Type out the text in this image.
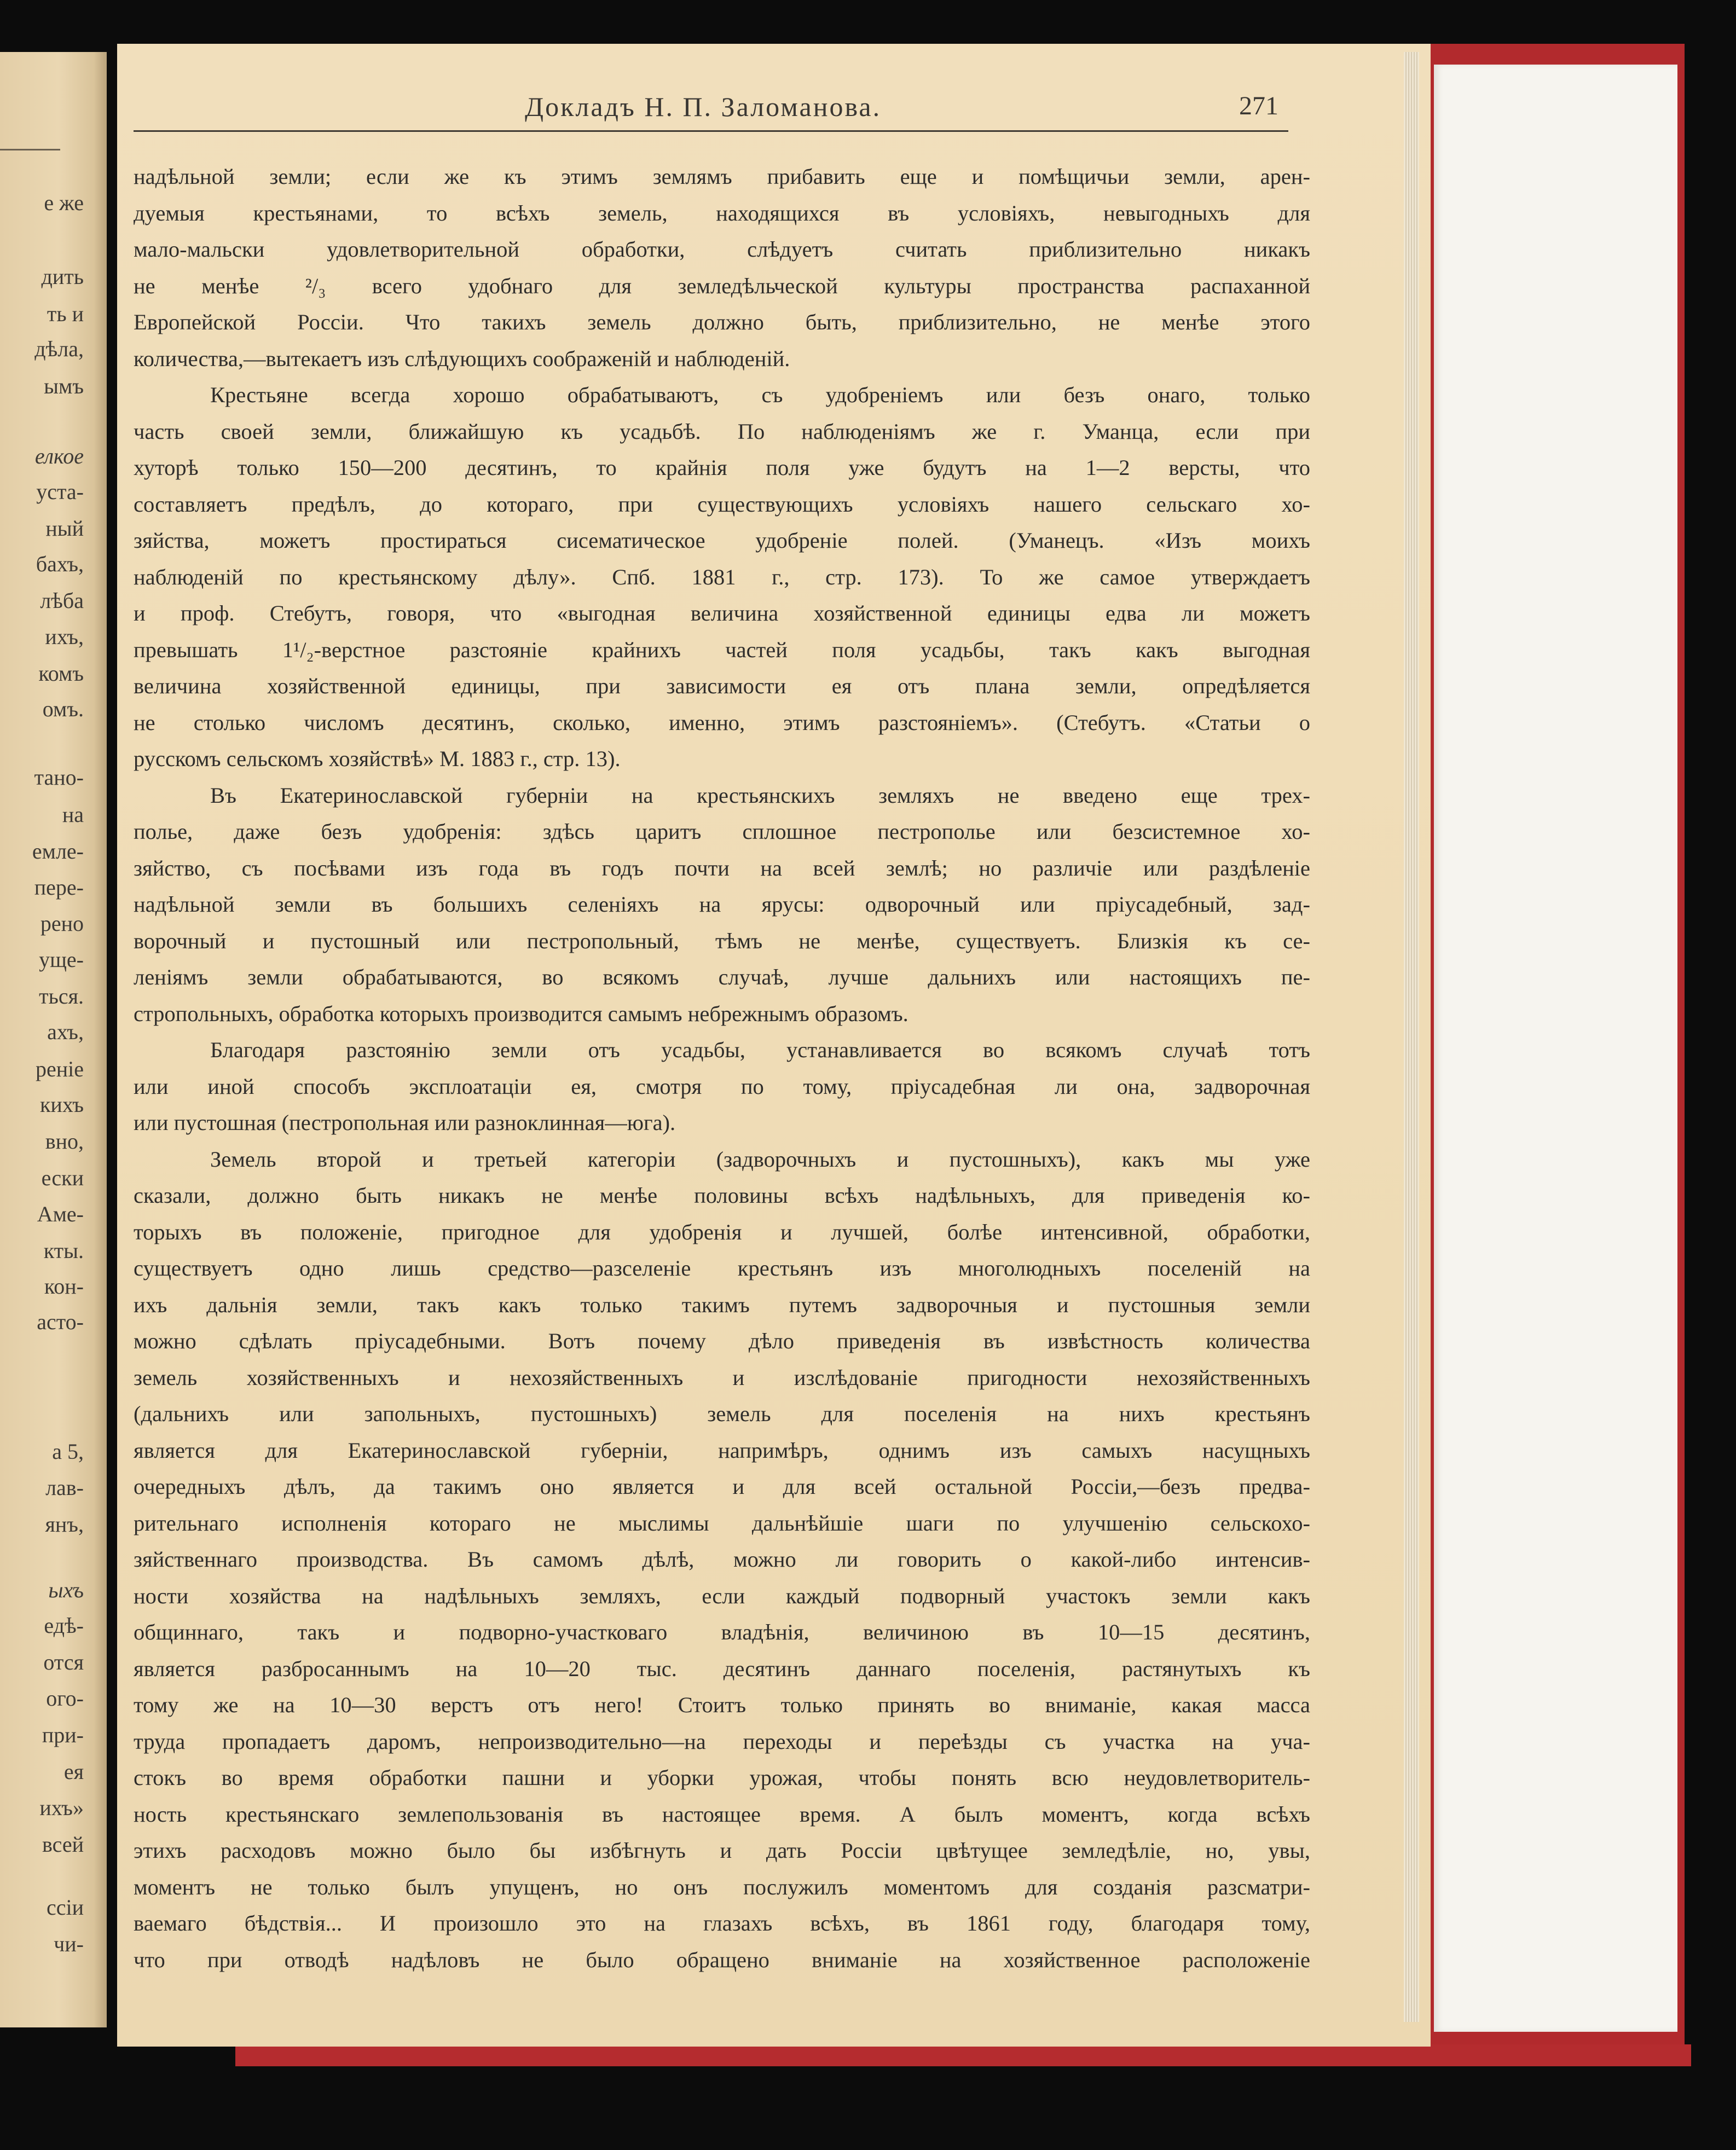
е же
дить
ть и
дѣла,
ымъ
елкое
уста-
ный
бахъ,
лѣба
ихъ,
комъ
омъ.
тано-
на
емле-
пере-
рено
уще-
ться.
ахъ,
реніе
кихъ
вно,
ески
Аме-
кты.
кон-
асто-
а 5,
лав-
янъ,
ыхъ
едѣ-
отся
ого-
при-
ея
ихъ»
всей
ссіи
чи-
Докладъ Н. П. Заломанова.	271
надѣльной земли; если же къ этимъ землямъ прибавить еще и помѣщичьи земли, арен-
дуемыя крестьянами, то всѣхъ земель, находящихся въ условіяхъ, невыгодныхъ для
мало-мальски удовлетворительной обработки, слѣдуетъ считать приблизительно никакъ
не менѣе ²/₃ всего удобнаго для земледѣльческой культуры пространства распаханной
Европейской Россіи. Что такихъ земель должно быть, приблизительно, не менѣе этого
количества,—вытекаетъ изъ слѣдующихъ соображеній и наблюденій.
Крестьяне всегда хорошо обрабатываютъ, съ удобреніемъ или безъ онаго, только
часть своей земли, ближайшую къ усадьбѣ. По наблюденіямъ же г. Уманца, если при
хуторѣ только 150—200 десятинъ, то крайнія поля уже будутъ на 1—2 версты, что
составляетъ предѣлъ, до котораго, при существующихъ условіяхъ нашего сельскаго хо-
зяйства, можетъ простираться сисематическое удобреніе полей. (Уманецъ. «Изъ моихъ
наблюденій по крестьянскому дѣлу». Спб. 1881 г., стр. 173). То же самое утверждаетъ
и проф. Стебутъ, говоря, что «выгодная величина хозяйственной единицы едва ли можетъ
превышать 1¹/₂-верстное разстояніе крайнихъ частей поля усадьбы, такъ какъ выгодная
величина хозяйственной единицы, при зависимости ея отъ плана земли, опредѣляется
не столько числомъ десятинъ, сколько, именно, этимъ разстояніемъ». (Стебутъ. «Статьи о
русскомъ сельскомъ хозяйствѣ» М. 1883 г., стр. 13).
Въ Екатеринославской губерніи на крестьянскихъ земляхъ не введено еще трех-
полье, даже безъ удобренія: здѣсь царитъ сплошное пестрополье или безсистемное хо-
зяйство, съ посѣвами изъ года въ годъ почти на всей землѣ; но различіе или раздѣленіе
надѣльной земли въ большихъ селеніяхъ на ярусы: одворочный или пріусадебный, зад-
ворочный и пустошный или пестропольный, тѣмъ не менѣе, существуетъ. Близкія къ се-
леніямъ земли обрабатываются, во всякомъ случаѣ, лучше дальнихъ или настоящихъ пе-
стропольныхъ, обработка которыхъ производится самымъ небрежнымъ образомъ.
Благодаря разстоянію земли отъ усадьбы, устанавливается во всякомъ случаѣ тотъ
или иной способъ эксплоатаціи ея, смотря по тому, пріусадебная ли она, задворочная
или пустошная (пестропольная или разноклинная—юга).
Земель второй и третьей категоріи (задворочныхъ и пустошныхъ), какъ мы уже
сказали, должно быть никакъ не менѣе половины всѣхъ надѣльныхъ, для приведенія ко-
торыхъ въ положеніе, пригодное для удобренія и лучшей, болѣе интенсивной, обработки,
существуетъ одно лишь средство—разселеніе крестьянъ изъ многолюдныхъ поселеній на
ихъ дальнія земли, такъ какъ только такимъ путемъ задворочныя и пустошныя земли
можно сдѣлать пріусадебными. Вотъ почему дѣло приведенія въ извѣстность количества
земель хозяйственныхъ и нехозяйственныхъ и изслѣдованіе пригодности нехозяйственныхъ
(дальнихъ или запольныхъ, пустошныхъ) земель для поселенія на нихъ крестьянъ
является для Екатеринославской губерніи, напримѣръ, однимъ изъ самыхъ насущныхъ
очередныхъ дѣлъ, да такимъ оно является и для всей остальной Россіи,—безъ предва-
рительнаго исполненія котораго не мыслимы дальнѣйшіе шаги по улучшенію сельскохо-
зяйственнаго производства. Въ самомъ дѣлѣ, можно ли говорить о какой-либо интенсив-
ности хозяйства на надѣльныхъ земляхъ, если каждый подворный участокъ земли какъ
общиннаго, такъ и подворно-участковаго владѣнія, величиною въ 10—15 десятинъ,
является разбросаннымъ на 10—20 тыс. десятинъ даннаго поселенія, растянутыхъ къ
тому же на 10—30 верстъ отъ него! Стоитъ только принять во вниманіе, какая масса
труда пропадаетъ даромъ, непроизводительно—на переходы и переѣзды съ участка на уча-
стокъ во время обработки пашни и уборки урожая, чтобы понять всю неудовлетворитель-
ность крестьянскаго землепользованія въ настоящее время. А былъ моментъ, когда всѣхъ
этихъ расходовъ можно было бы избѣгнуть и дать Россіи цвѣтущее земледѣліе, но, увы,
моментъ не только былъ упущенъ, но онъ послужилъ моментомъ для созданія разсматри-
ваемаго бѣдствія... И произошло это на глазахъ всѣхъ, въ 1861 году, благодаря тому,
что при отводѣ надѣловъ не было обращено вниманіе на хозяйственное расположеніе
